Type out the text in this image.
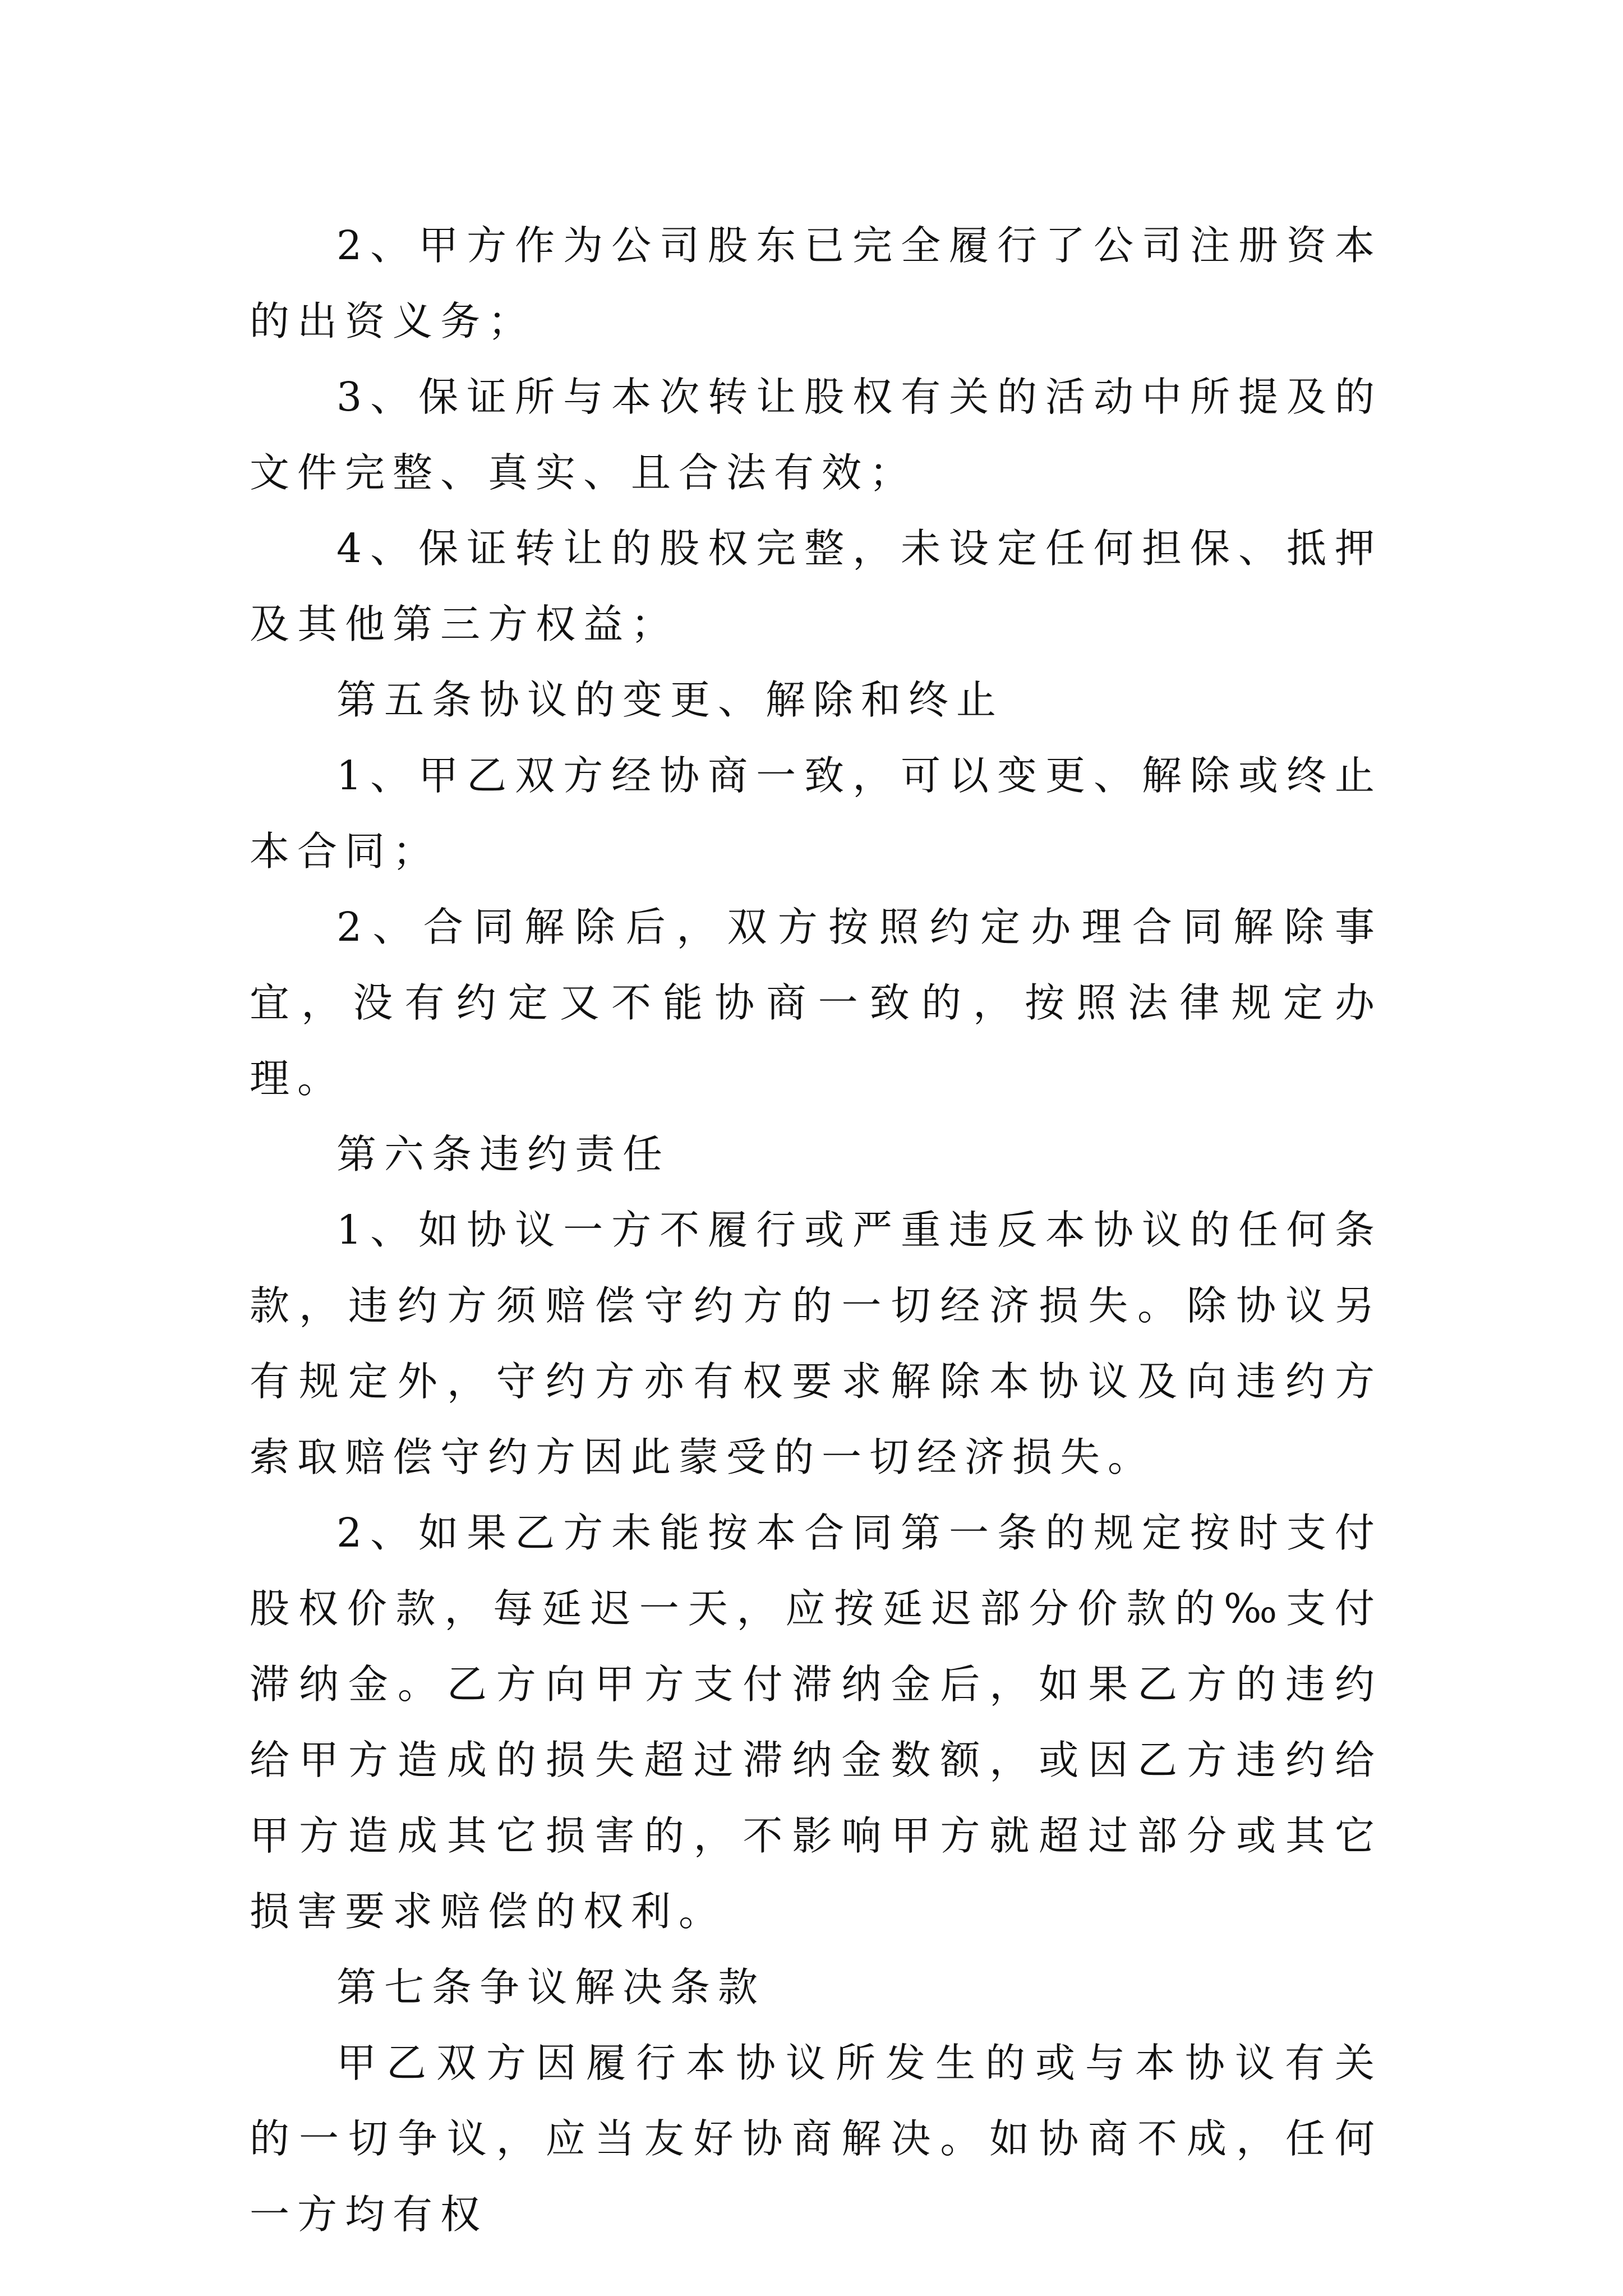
2、甲方作为公司股东已完全履行了公司注册资本的出资义务；

3、保证所与本次转让股权有关的活动中所提及的文件完整、真实、且合法有效；

4、保证转让的股权完整，未设定任何担保、抵押及其他第三方权益；

第五条协议的变更、解除和终止

1、甲乙双方经协商一致，可以变更、解除或终止本合同；

2、合同解除后，双方按照约定办理合同解除事宜，没有约定又不能协商一致的，按照法律规定办理。

第六条违约责任

1、如协议一方不履行或严重违反本协议的任何条款，违约方须赔偿守约方的一切经济损失。除协议另有规定外，守约方亦有权要求解除本协议及向违约方索取赔偿守约方因此蒙受的一切经济损失。

2、如果乙方未能按本合同第一条的规定按时支付股权价款，每延迟一天，应按延迟部分价款的‰支付滞纳金。乙方向甲方支付滞纳金后，如果乙方的违约给甲方造成的损失超过滞纳金数额，或因乙方违约给甲方造成其它损害的，不影响甲方就超过部分或其它损害要求赔偿的权利。

第七条争议解决条款

甲乙双方因履行本协议所发生的或与本协议有关的一切争议，应当友好协商解决。如协商不成，任何一方均有权
